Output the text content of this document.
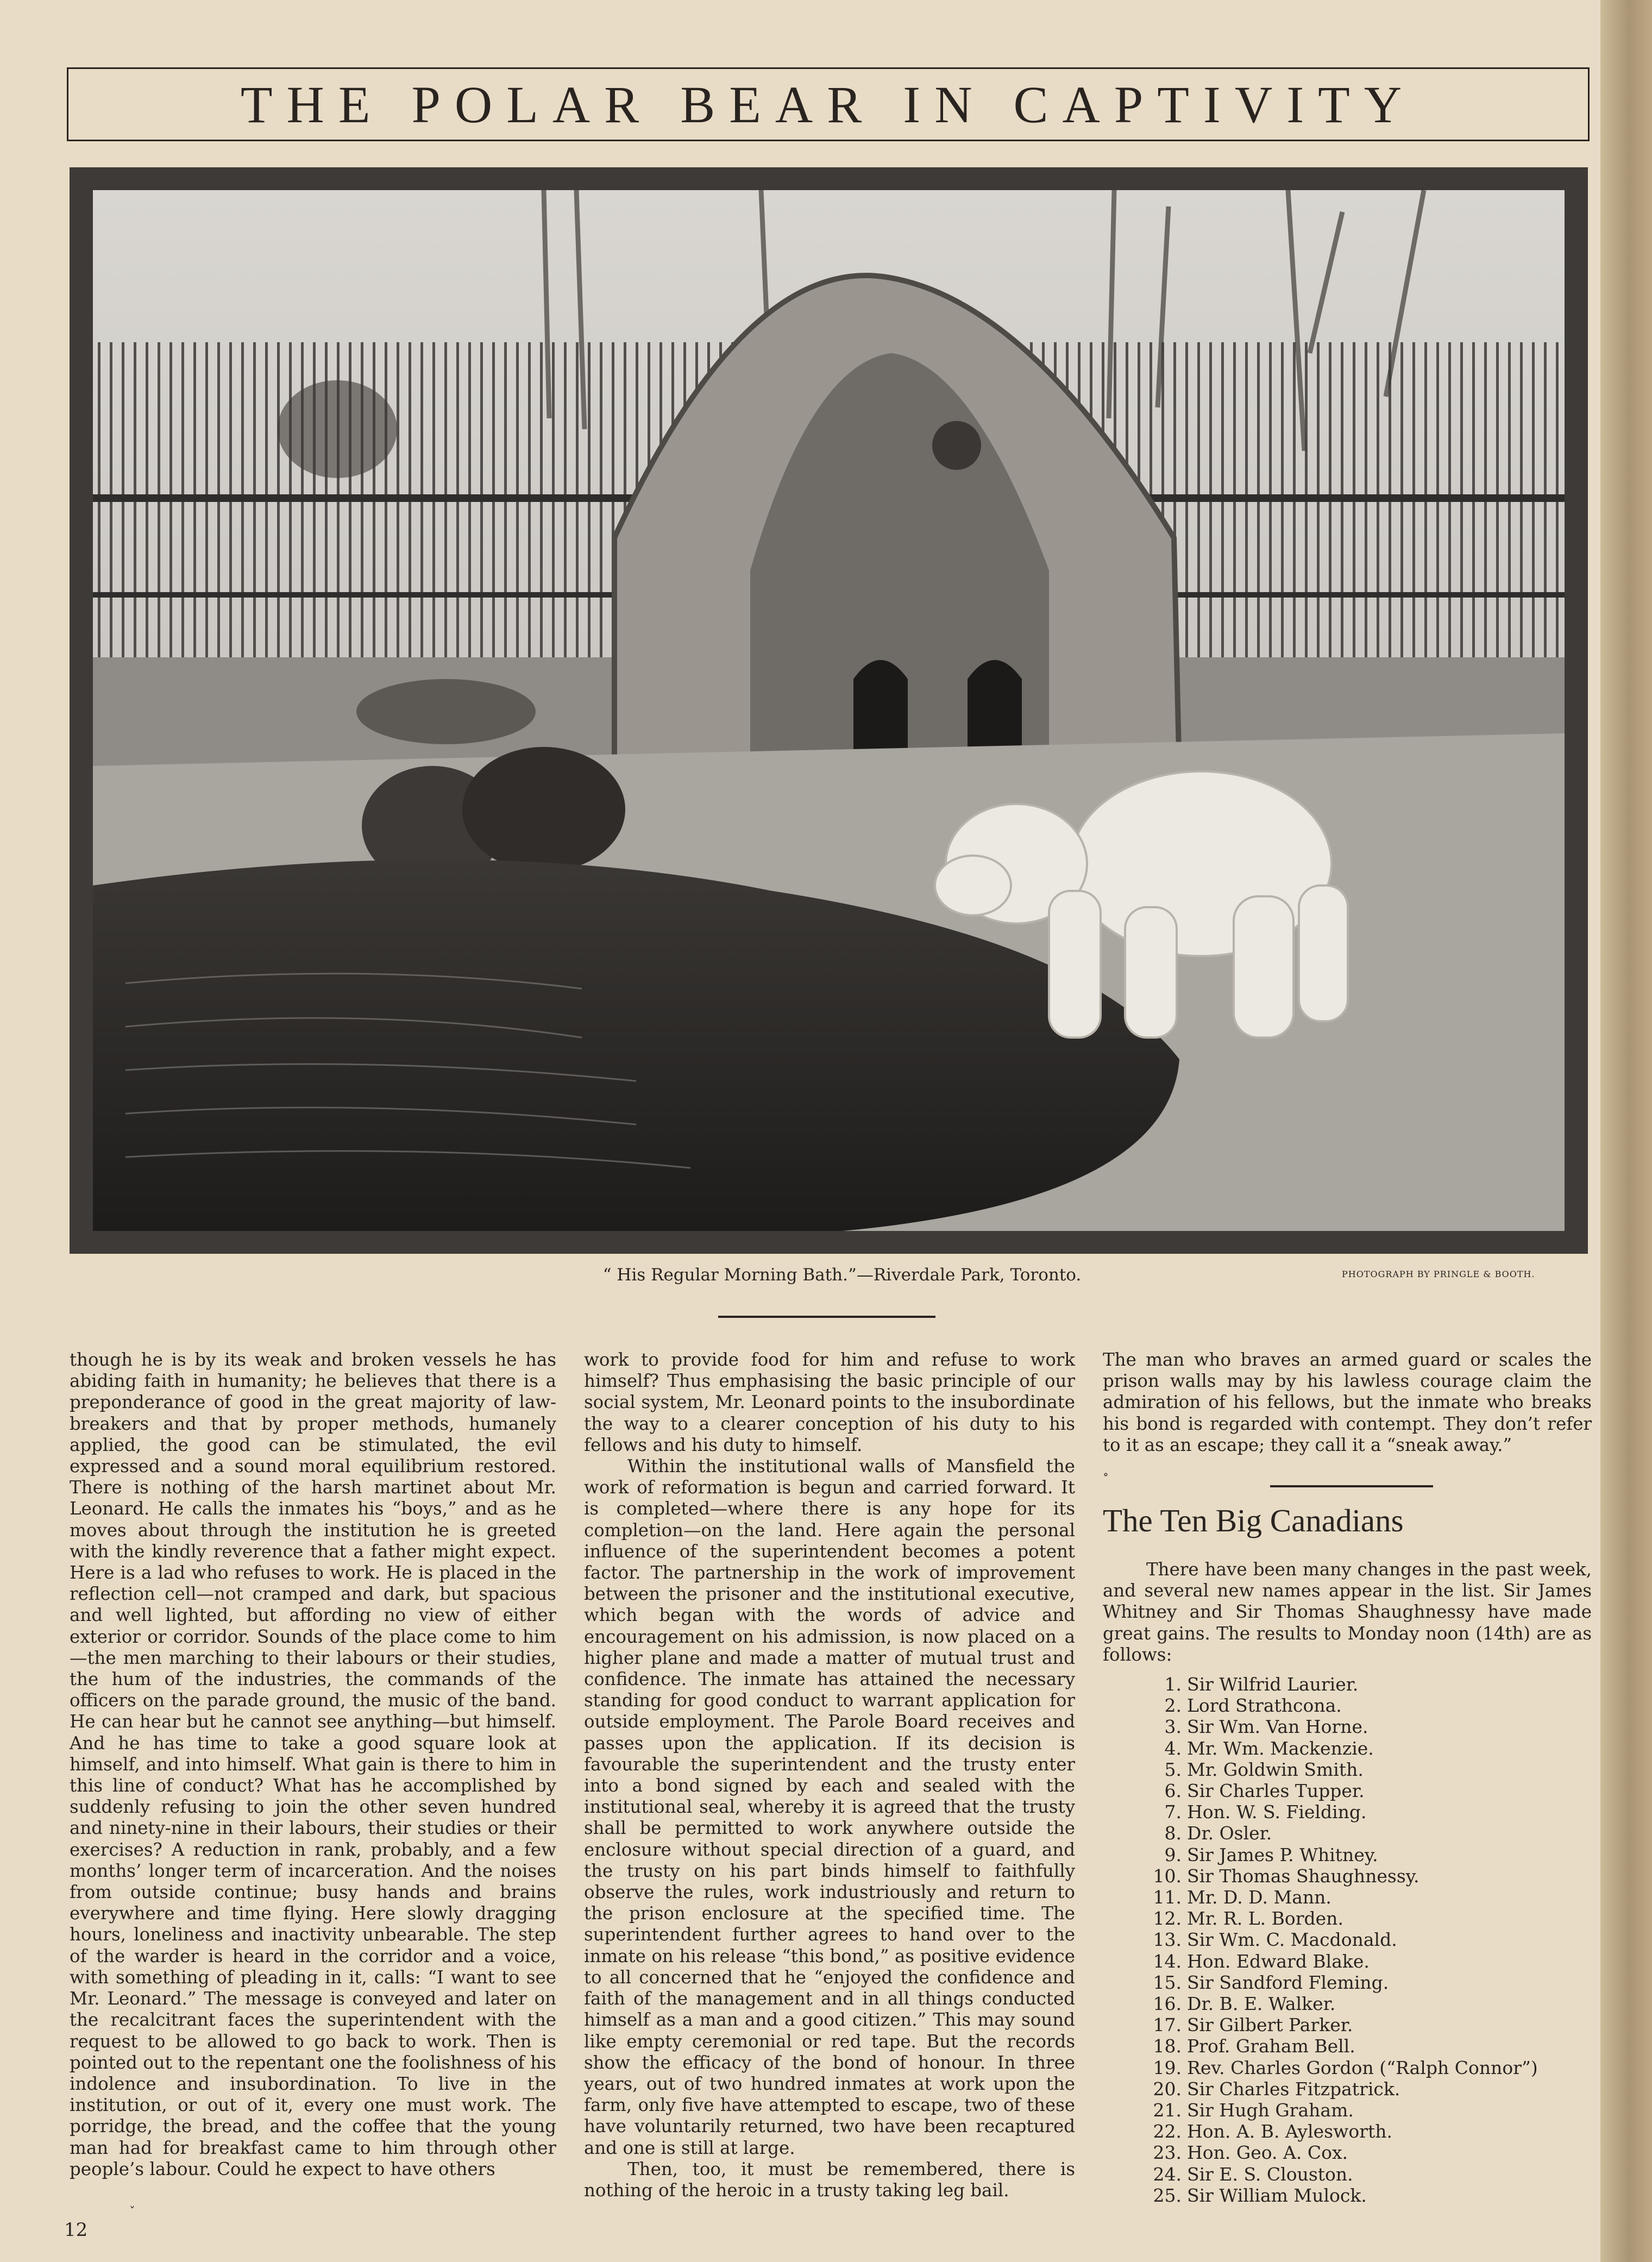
THE POLAR BEAR IN CAPTIVITY
“ His Regular Morning Bath.”—Riverdale Park, Toronto.	PHOTOGRAPH BY PRINGLE & BOOTH.

though he is by its weak and broken vessels he has abiding faith in humanity; he believes that there is a preponderance of good in the great majority of law-breakers and that by proper methods, humanely applied, the good can be stimulated, the evil expressed and a sound moral equilibrium restored. There is nothing of the harsh martinet about Mr. Leonard. He calls the inmates his “boys,” and as he moves about through the institution he is greeted with the kindly reverence that a father might expect. Here is a lad who refuses to work. He is placed in the reflection cell—not cramped and dark, but spacious and well lighted, but affording no view of either exterior or corridor. Sounds of the place come to him—the men marching to their labours or their studies, the hum of the industries, the commands of the officers on the parade ground, the music of the band. He can hear but he cannot see anything—but himself. And he has time to take a good square look at himself, and into himself. What gain is there to him in this line of conduct? What has he accomplished by suddenly refusing to join the other seven hundred and ninety-nine in their labours, their studies or their exercises? A reduction in rank, probably, and a few months’ longer term of incarceration. And the noises from outside continue; busy hands and brains everywhere and time flying. Here slowly dragging hours, loneliness and inactivity unbearable. The step of the warder is heard in the corridor and a voice, with something of pleading in it, calls: “I want to see Mr. Leonard.” The message is conveyed and later on the recalcitrant faces the superintendent with the request to be allowed to go back to work. Then is pointed out to the repentant one the foolishness of his indolence and insubordination. To live in the institution, or out of it, every one must work. The porridge, the bread, and the coffee that the young man had for breakfast came to him through other people’s labour. Could he expect to have others

work to provide food for him and refuse to work himself? Thus emphasising the basic principle of our social system, Mr. Leonard points to the insubordinate the way to a clearer conception of his duty to his fellows and his duty to himself.

Within the institutional walls of Mansfield the work of reformation is begun and carried forward. It is completed—where there is any hope for its completion—on the land. Here again the personal influence of the superintendent becomes a potent factor. The partnership in the work of improvement between the prisoner and the institutional executive, which began with the words of advice and encouragement on his admission, is now placed on a higher plane and made a matter of mutual trust and confidence. The inmate has attained the necessary standing for good conduct to warrant application for outside employment. The Parole Board receives and passes upon the application. If its decision is favourable the superintendent and the trusty enter into a bond signed by each and sealed with the institutional seal, whereby it is agreed that the trusty shall be permitted to work anywhere outside the enclosure without special direction of a guard, and the trusty on his part binds himself to faithfully observe the rules, work industriously and return to the prison enclosure at the specified time. The superintendent further agrees to hand over to the inmate on his release “this bond,” as positive evidence to all concerned that he “enjoyed the confidence and faith of the management and in all things conducted himself as a man and a good citizen.” This may sound like empty ceremonial or red tape. But the records show the efficacy of the bond of honour. In three years, out of two hundred inmates at work upon the farm, only five have attempted to escape, two of these have voluntarily returned, two have been recaptured and one is still at large.

Then, too, it must be remembered, there is nothing of the heroic in a trusty taking leg bail.

The man who braves an armed guard or scales the prison walls may by his lawless courage claim the admiration of his fellows, but the inmate who breaks his bond is regarded with contempt. They don’t refer to it as an escape; they call it a “sneak away.”

The Ten Big Canadians

There have been many changes in the past week, and several new names appear in the list. Sir James Whitney and Sir Thomas Shaughnessy have made great gains. The results to Monday noon (14th) are as follows:

1. Sir Wilfrid Laurier.
2. Lord Strathcona.
3. Sir Wm. Van Horne.
4. Mr. Wm. Mackenzie.
5. Mr. Goldwin Smith.
6. Sir Charles Tupper.
7. Hon. W. S. Fielding.
8. Dr. Osler.
9. Sir James P. Whitney.
10. Sir Thomas Shaughnessy.
11. Mr. D. D. Mann.
12. Mr. R. L. Borden.
13. Sir Wm. C. Macdonald.
14. Hon. Edward Blake.
15. Sir Sandford Fleming.
16. Dr. B. E. Walker.
17. Sir Gilbert Parker.
18. Prof. Graham Bell.
19. Rev. Charles Gordon (“Ralph Connor”)
20. Sir Charles Fitzpatrick.
21. Sir Hugh Graham.
22. Hon. A. B. Aylesworth.
23. Hon. Geo. A. Cox.
24. Sir E. S. Clouston.
25. Sir William Mulock.
12
˚
ˇ
